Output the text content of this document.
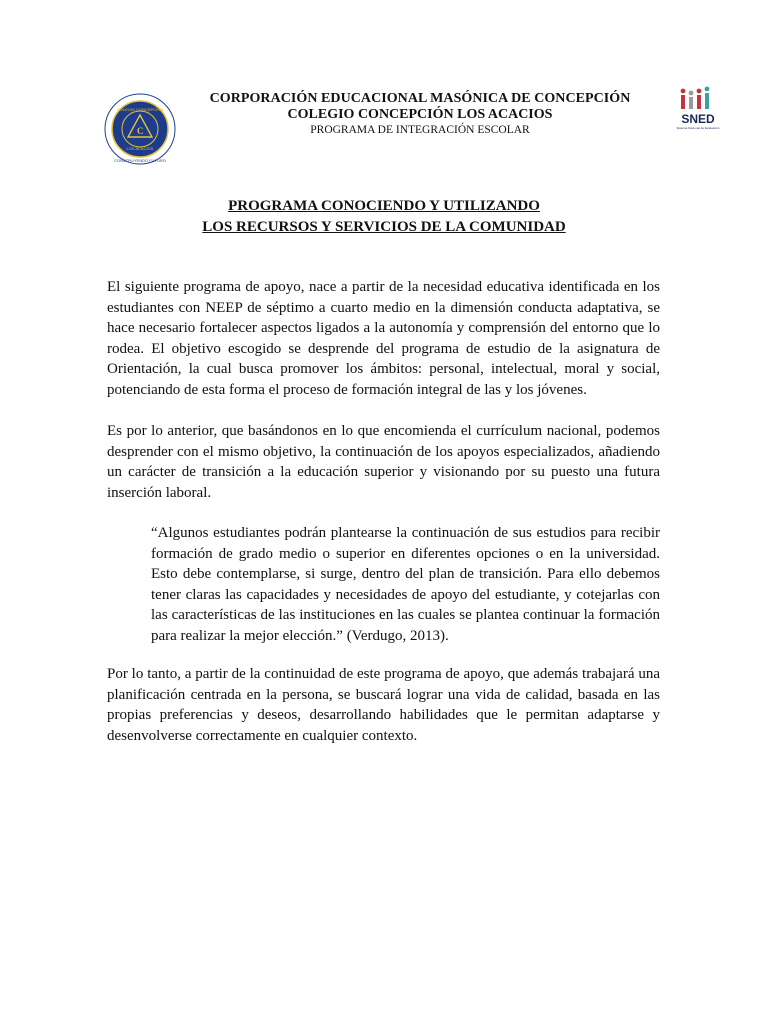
C
COLEGIO CONCEPCIÓN
LOS ACACIOS
CONSTRUYENDO FUTURO
CORPORACIÓN EDUCACIONAL MASÓNICA DE CONCEPCIÓN
COLEGIO CONCEPCIÓN LOS ACACIOS
PROGRAMA DE INTEGRACIÓN ESCOLAR
SNED
Sistema Nacional de Evaluación
PROGRAMA CONOCIENDO Y UTILIZANDO
LOS RECURSOS Y SERVICIOS DE LA COMUNIDAD

El siguiente programa de apoyo, nace a partir de la necesidad educativa identificada en los estudiantes con NEEP de séptimo a cuarto medio en la dimensión conducta adaptativa, se hace necesario fortalecer aspectos ligados a la autonomía y comprensión del entorno que lo rodea. El objetivo escogido se desprende del programa de estudio de la asignatura de Orientación, la cual busca promover los ámbitos: personal, intelectual, moral y social, potenciando de esta forma el proceso de formación integral de las y los jóvenes.

Es por lo anterior, que basándonos en lo que encomienda el currículum nacional, podemos desprender con el mismo objetivo, la continuación de los apoyos especializados, añadiendo un carácter de transición a la educación superior y visionando por su puesto una futura inserción laboral.

“Algunos estudiantes podrán plantearse la continuación de sus estudios para recibir formación de grado medio o superior en diferentes opciones o en la universidad. Esto debe contemplarse, si surge, dentro del plan de transición. Para ello debemos tener claras las capacidades y necesidades de apoyo del estudiante, y cotejarlas con las características de las instituciones en las cuales se plantea continuar la formación para realizar la mejor elección.” (Verdugo, 2013).

Por lo tanto, a partir de la continuidad de este programa de apoyo, que además trabajará una planificación centrada en la persona, se buscará lograr una vida de calidad, basada en las propias preferencias y deseos, desarrollando habilidades que le permitan adaptarse y desenvolverse correctamente en cualquier contexto.
